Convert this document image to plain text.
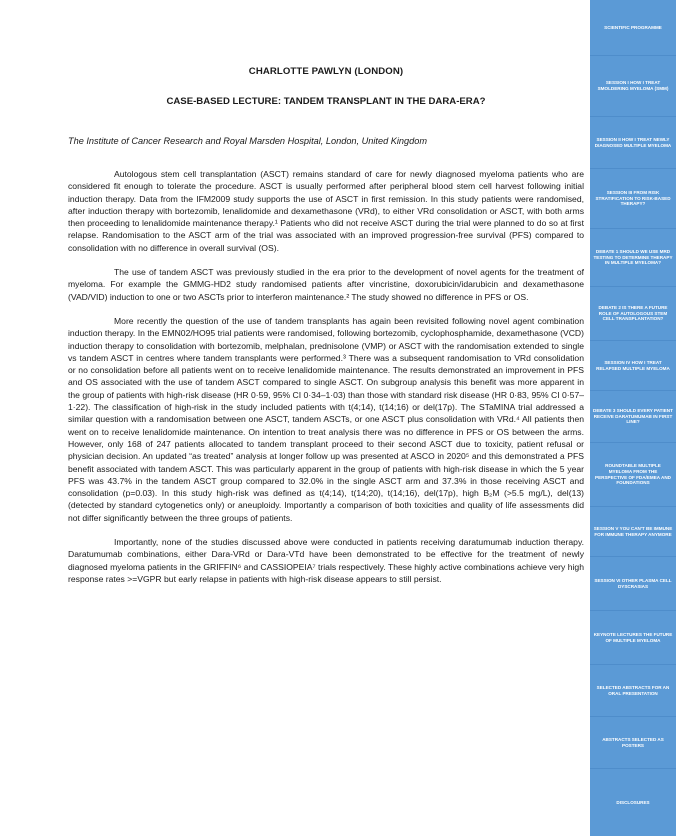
CHARLOTTE PAWLYN (LONDON)
CASE-BASED LECTURE: TANDEM TRANSPLANT IN THE DARA-ERA?
The Institute of Cancer Research and Royal Marsden Hospital, London, United Kingdom

Autologous stem cell transplantation (ASCT) remains standard of care for newly diagnosed myeloma patients who are considered fit enough to tolerate the procedure. ASCT is usually performed after peripheral blood stem cell harvest following initial induction therapy. Data from the IFM2009 study supports the use of ASCT in first remission. In this study patients were randomised, after induction therapy with bortezomib, lenalidomide and dexamethasone (VRd), to either VRd consolidation or ASCT, with both arms then proceeding to lenalidomide maintenance therapy.¹ Patients who did not receive ASCT during the trial were planned to do so at first relapse. Randomisation to the ASCT arm of the trial was associated with an improved progression-free survival (PFS) compared to consolidation with no difference in overall survival (OS).

The use of tandem ASCT was previously studied in the era prior to the development of novel agents for the treatment of myeloma. For example the GMMG-HD2 study randomised patients after vincristine, doxorubicin/idarubicin and dexamethasone (VAD/VID) induction to one or two ASCTs prior to interferon maintenance.² The study showed no difference in PFS or OS.

More recently the question of the use of tandem transplants has again been revisited following novel agent combination induction therapy. In the EMN02/HO95 trial patients were randomised, following bortezomib, cyclophosphamide, dexamethasone (VCD) induction therapy to consolidation with bortezomib, melphalan, prednisolone (VMP) or ASCT with the randomisation extended to single vs tandem ASCT in centres where tandem transplants were performed.³ There was a subsequent randomisation to VRd consolidation or no consolidation before all patients went on to receive lenalidomide maintenance. The results demonstrated an improvement in PFS and OS associated with the use of tandem ASCT compared to single ASCT. On subgroup analysis this benefit was more apparent in the group of patients with high-risk disease (HR 0·59, 95% CI 0·34–1·03) than those with standard risk disease (HR 0·83, 95% CI 0·57–1·22). The classification of high-risk in the study included patients with t(4;14), t(14;16) or del(17p). The STaMINA trial addressed a similar question with a randomisation between one ASCT, tandem ASCTs, or one ASCT plus consolidation with VRd.⁴ All patients then went on to receive lenalidomide maintenance. On intention to treat analysis there was no difference in PFS or OS between the arms. However, only 168 of 247 patients allocated to tandem transplant proceed to their second ASCT due to toxicity, patient refusal or physician decision. An updated “as treated” analysis at longer follow up was presented at ASCO in 2020⁵ and this demonstrated a PFS benefit associated with tandem ASCT. This was particularly apparent in the group of patients with high-risk disease in which the 5 year PFS was 43.7% in the tandem ASCT group compared to 32.0% in the single ASCT arm and 37.3% in those receiving ASCT and consolidation (p=0.03). In this study high-risk was defined as t(4;14), t(14;20), t(14;16), del(17p), high B₂M (>5.5 mg/L), del(13) (detected by standard cytogenetics only) or aneuploidy. Importantly a comparison of both toxicities and quality of life assessments did not differ significantly between the three groups of patients.

Importantly, none of the studies discussed above were conducted in patients receiving daratumumab induction therapy. Daratumumab combinations, either Dara-VRd or Dara-VTd have been demonstrated to be effective for the treatment of newly diagnosed myeloma patients in the GRIFFIN⁶ and CASSIOPEIA⁷ trials respectively. These highly active combinations achieve very high response rates >=VGPR but early relapse in patients with high-risk disease appears to still persist.

SCIENTIFIC PROGRAMME
SESSION I HOW I TREAT SMOLDERING MYELOMA (SMM)
SESSION II HOW I TREAT NEWLY DIAGNOSED MULTIPLE MYELOMA
SESSION III FROM RISK STRATIFICATION TO RISK-BASED THERAPY?
DEBATE 1 SHOULD WE USE MRD TESTING TO DETERMINE THERAPY IN MULTIPLE MYELOMA?
DEBATE 2 IS THERE A FUTURE ROLE OF AUTOLOGOUS STEM CELL TRANSPLANTATION?
SESSION IV HOW I TREAT RELAPSED MULTIPLE MYELOMA
DEBATE 3 SHOULD EVERY PATIENT RECEIVE DARATUMUMAB IN FIRST LINE?
ROUNDTABLE MULTIPLE MYELOMA FROM THE PERSPECTIVE OF FDA/EMEA AND FOUNDATIONS
SESSION V YOU CAN'T BE IMMUNE FOR IMMUNE THERAPY ANYMORE
SESSION VI OTHER PLASMA CELL DYSCRASIAS
KEYNOTE LECTURES THE FUTURE OF MULTIPLE MYELOMA
SELECTED ABSTRACTS FOR AN ORAL PRESENTATION
ABSTRACTS SELECTED AS POSTERS
DISCLOSURES
